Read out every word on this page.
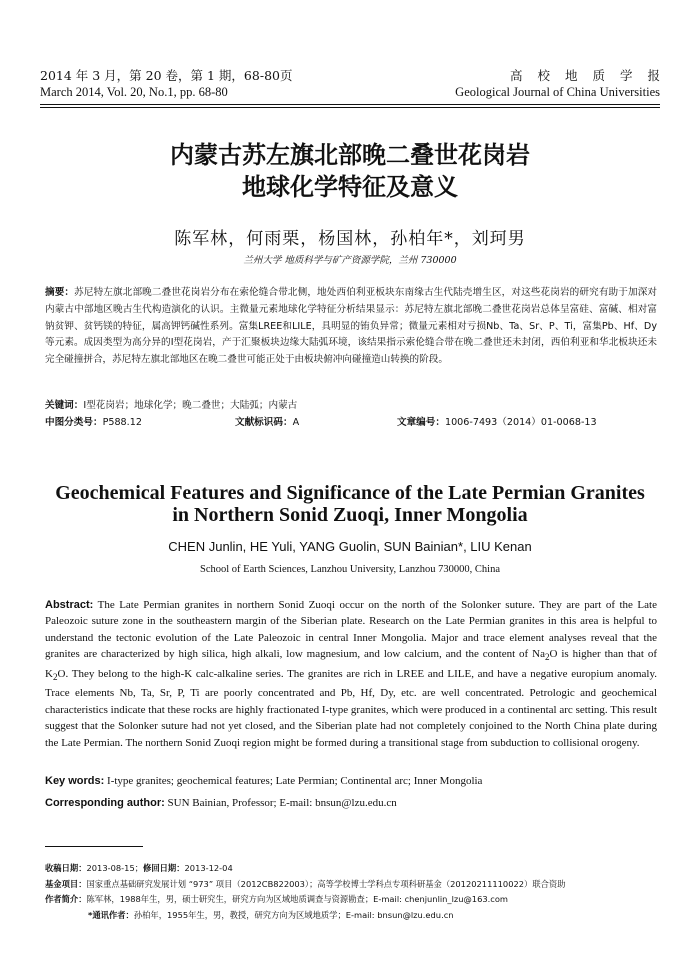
2014 年 3 月，第 20 卷，第 1 期，68-80页	高校地质学报
March 2014, Vol. 20, No.1, pp. 68-80	Geological Journal of China Universities
内蒙古苏左旗北部晚二叠世花岗岩
地球化学特征及意义
陈军林，何雨栗，杨国林，孙柏年*，刘珂男
兰州大学 地质科学与矿产资源学院，兰州 730000
摘要：苏尼特左旗北部晚二叠世花岗岩分布在索伦缝合带北侧，地处西伯利亚板块东南缘古生代陆壳增生区，对这些花岗岩的研究有助于加深对内蒙古中部地区晚古生代构造演化的认识。主微量元素地球化学特征分析结果显示：苏尼特左旗北部晚二叠世花岗岩总体呈富硅、富碱、相对富钠贫钾、贫钙镁的特征，属高钾钙碱性系列。富集LREE和LILE，具明显的铕负异常；微量元素相对亏损Nb、Ta、Sr、P、Ti，富集Pb、Hf、Dy等元素。成因类型为高分异的I型花岗岩，产于汇聚板块边缘大陆弧环境，该结果指示索伦缝合带在晚二叠世还未封闭，西伯利亚和华北板块还未完全碰撞拼合，苏尼特左旗北部地区在晚二叠世可能正处于由板块俯冲向碰撞造山转换的阶段。
关键词：I型花岗岩；地球化学；晚二叠世；大陆弧；内蒙古
中图分类号：P588.12	文献标识码：A	文章编号：1006-7493（2014）01-0068-13
Geochemical Features and Significance of the Late Permian Granites
in Northern Sonid Zuoqi, Inner Mongolia
CHEN Junlin, HE Yuli, YANG Guolin, SUN Bainian*, LIU Kenan
School of Earth Sciences, Lanzhou University, Lanzhou 730000, China
Abstract: The Late Permian granites in northern Sonid Zuoqi occur on the north of the Solonker suture. They are part of the Late Paleozoic suture zone in the southeastern margin of the Siberian plate. Research on the Late Permian granites in this area is helpful to understand the tectonic evolution of the Late Paleozoic in central Inner Mongolia. Major and trace element analyses reveal that the granites are characterized by high silica, high alkali, low magnesium, and low calcium, and the content of $Na_2O$ is higher than that of $K_2O$. They belong to the high-K calc-alkaline series. The granites are rich in LREE and LILE, and have a negative europium anomaly. Trace elements Nb, Ta, Sr, P, Ti are poorly concentrated and Pb, Hf, Dy, etc. are well concentrated. Petrologic and geochemical characteristics indicate that these rocks are highly fractionated I-type granites, which were produced in a continental arc setting. This result suggest that the Solonker suture had not yet closed, and the Siberian plate had not completely conjoined to the North China plate during the Late Permian. The northern Sonid Zuoqi region might be formed during a transitional stage from subduction to collisional orogeny.
Key words: I-type granites; geochemical features; Late Permian; Continental arc; Inner Mongolia
Corresponding author: SUN Bainian, Professor; E-mail: bnsun@lzu.edu.cn
收稿日期：2013-08-15；修回日期：2013-12-04
基金项目：国家重点基础研究发展计划 “973” 项目（2012CB822003）；高等学校博士学科点专项科研基金（20120211110022）联合资助
作者简介：陈军林，1988年生，男，硕士研究生，研究方向为区域地质调查与资源勘查；E-mail: chenjunlin_lzu@163.com
*通讯作者：孙柏年，1955年生，男，教授，研究方向为区域地质学；E-mail: bnsun@lzu.edu.cn
